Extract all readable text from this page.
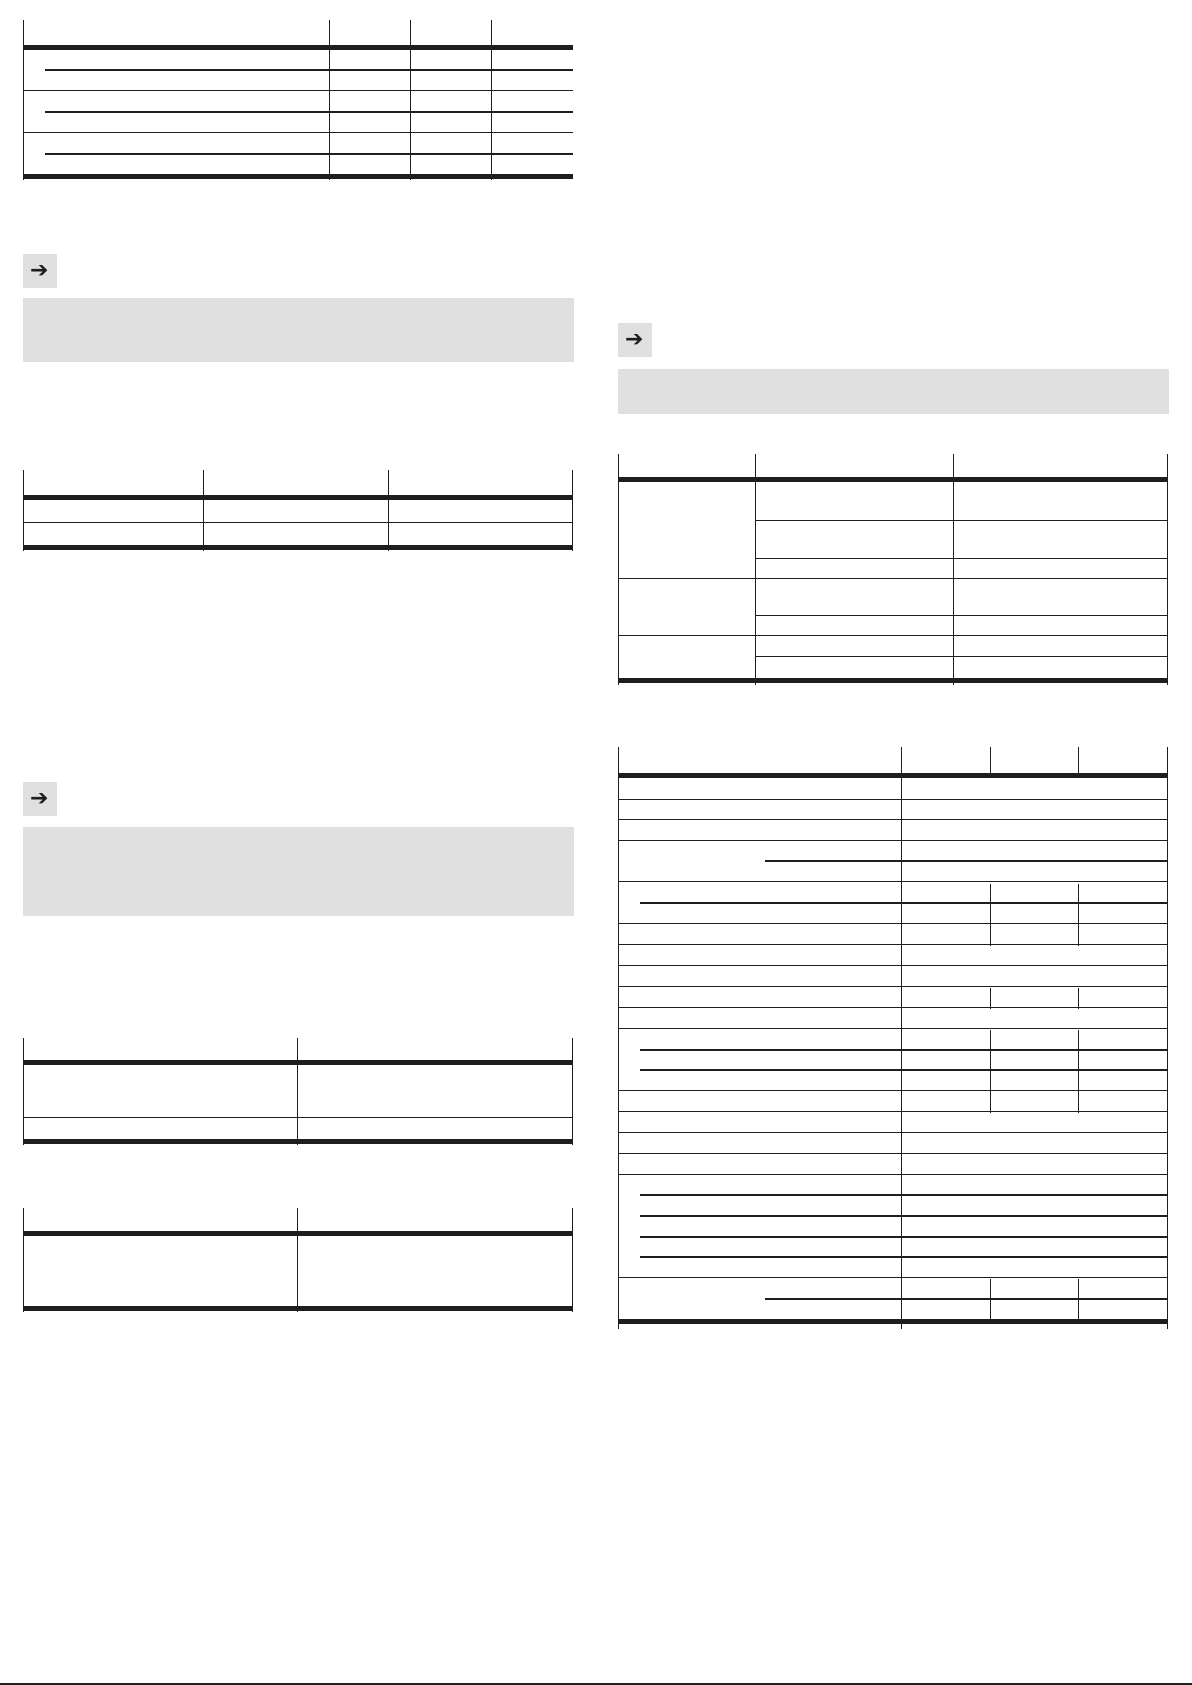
➔
➔
➔
